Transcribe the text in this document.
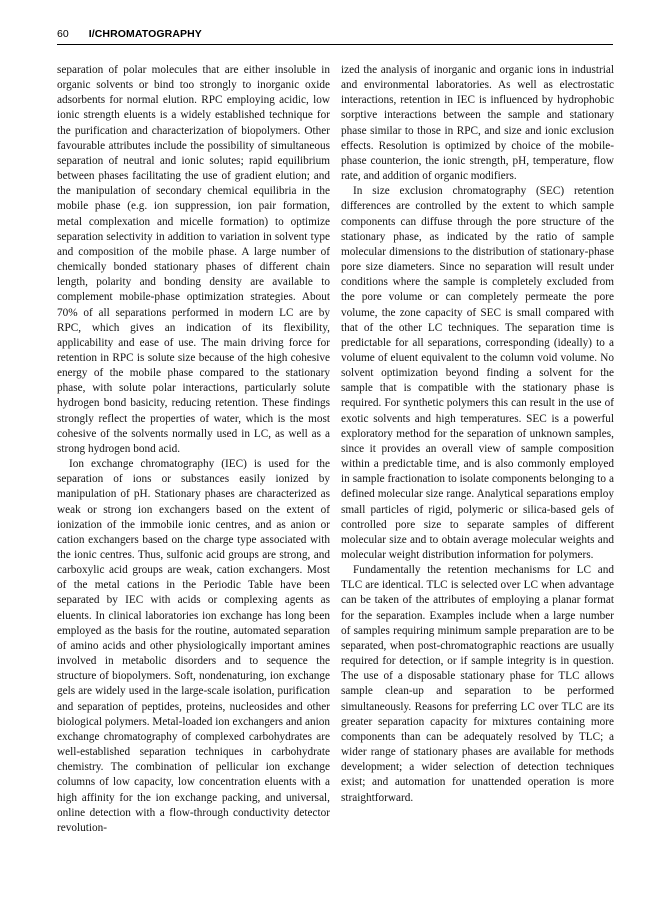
60 I/CHROMATOGRAPHY

separation of polar molecules that are either insoluble in organic solvents or bind too strongly to inorganic oxide adsorbents for normal elution. RPC employing acidic, low ionic strength eluents is a widely established technique for the purification and characterization of biopolymers. Other favourable attributes include the possibility of simultaneous separation of neutral and ionic solutes; rapid equilibrium between phases facilitating the use of gradient elution; and the manipulation of secondary chemical equilibria in the mobile phase (e.g. ion suppression, ion pair formation, metal complexation and micelle formation) to optimize separation selectivity in addition to variation in solvent type and composition of the mobile phase. A large number of chemically bonded stationary phases of different chain length, polarity and bonding density are available to complement mobile-phase optimization strategies. About 70% of all separations performed in modern LC are by RPC, which gives an indication of its flexibility, applicability and ease of use. The main driving force for retention in RPC is solute size because of the high cohesive energy of the mobile phase compared to the stationary phase, with solute polar interactions, particularly solute hydrogen bond basicity, reducing retention. These findings strongly reflect the properties of water, which is the most cohesive of the solvents normally used in LC, as well as a strong hydrogen bond acid.

Ion exchange chromatography (IEC) is used for the separation of ions or substances easily ionized by manipulation of pH. Stationary phases are characterized as weak or strong ion exchangers based on the extent of ionization of the immobile ionic centres, and as anion or cation exchangers based on the charge type associated with the ionic centres. Thus, sulfonic acid groups are strong, and carboxylic acid groups are weak, cation exchangers. Most of the metal cations in the Periodic Table have been separated by IEC with acids or complexing agents as eluents. In clinical laboratories ion exchange has long been employed as the basis for the routine, automated separation of amino acids and other physiologically important amines involved in metabolic disorders and to sequence the structure of biopolymers. Soft, nondenaturing, ion exchange gels are widely used in the large-scale isolation, purification and separation of peptides, proteins, nucleosides and other biological polymers. Metal-loaded ion exchangers and anion exchange chromatography of complexed carbohydrates are well-established separation techniques in carbohydrate chemistry. The combination of pellicular ion exchange columns of low capacity, low concentration eluents with a high affinity for the ion exchange packing, and universal, online detection with a flow-through conductivity detector revolution-

ized the analysis of inorganic and organic ions in industrial and environmental laboratories. As well as electrostatic interactions, retention in IEC is influenced by hydrophobic sorptive interactions between the sample and stationary phase similar to those in RPC, and size and ionic exclusion effects. Resolution is optimized by choice of the mobile-phase counterion, the ionic strength, pH, temperature, flow rate, and addition of organic modifiers.

In size exclusion chromatography (SEC) retention differences are controlled by the extent to which sample components can diffuse through the pore structure of the stationary phase, as indicated by the ratio of sample molecular dimensions to the distribution of stationary-phase pore size diameters. Since no separation will result under conditions where the sample is completely excluded from the pore volume or can completely permeate the pore volume, the zone capacity of SEC is small compared with that of the other LC techniques. The separation time is predictable for all separations, corresponding (ideally) to a volume of eluent equivalent to the column void volume. No solvent optimization beyond finding a solvent for the sample that is compatible with the stationary phase is required. For synthetic polymers this can result in the use of exotic solvents and high temperatures. SEC is a powerful exploratory method for the separation of unknown samples, since it provides an overall view of sample composition within a predictable time, and is also commonly employed in sample fractionation to isolate components belonging to a defined molecular size range. Analytical separations employ small particles of rigid, polymeric or silica-based gels of controlled pore size to separate samples of different molecular size and to obtain average molecular weights and molecular weight distribution information for polymers.

Fundamentally the retention mechanisms for LC and TLC are identical. TLC is selected over LC when advantage can be taken of the attributes of employing a planar format for the separation. Examples include when a large number of samples requiring minimum sample preparation are to be separated, when post-chromatographic reactions are usually required for detection, or if sample integrity is in question. The use of a disposable stationary phase for TLC allows sample clean-up and separation to be performed simultaneously. Reasons for preferring LC over TLC are its greater separation capacity for mixtures containing more components than can be adequately resolved by TLC; a wider range of stationary phases are available for methods development; a wider selection of detection techniques exist; and automation for unattended operation is more straightforward.
